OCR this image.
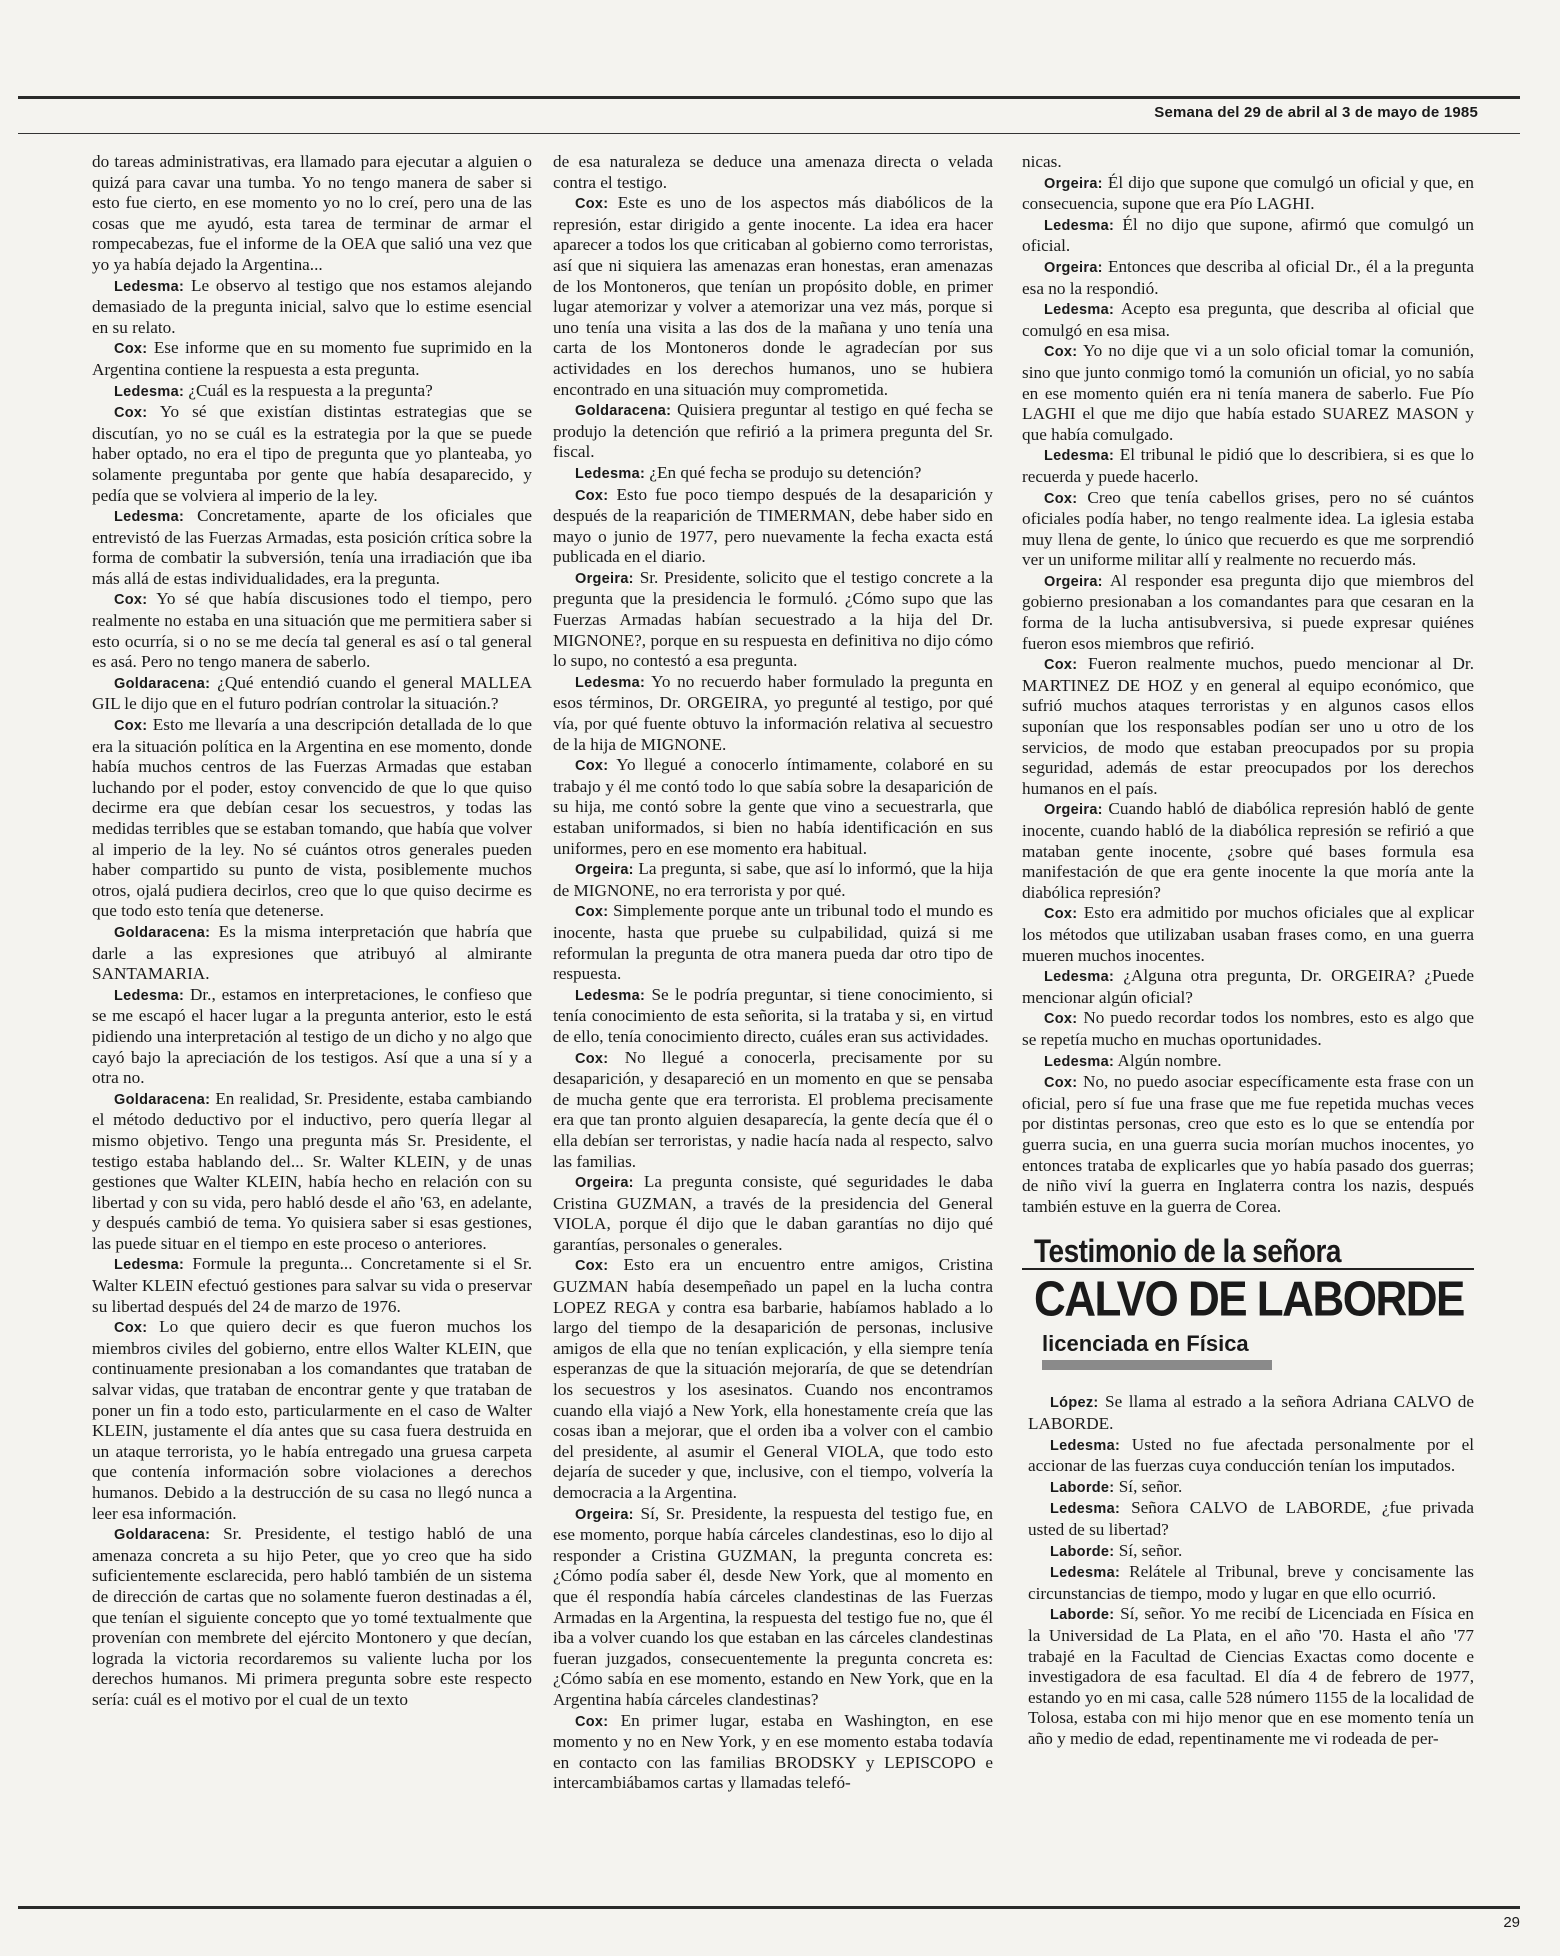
Semana del 29 de abril al 3 de mayo de 1985

do tareas administrativas, era llamado para ejecutar a alguien o quizá para cavar una tumba. Yo no tengo manera de saber si esto fue cierto, en ese momento yo no lo creí, pero una de las cosas que me ayudó, esta tarea de terminar de armar el rompecabezas, fue el informe de la OEA que salió una vez que yo ya había dejado la Argentina...

Ledesma: Le observo al testigo que nos estamos alejando demasiado de la pregunta inicial, salvo que lo estime esencial en su relato.

Cox: Ese informe que en su momento fue suprimido en la Argentina contiene la respuesta a esta pregunta.

Ledesma: ¿Cuál es la respuesta a la pregunta?

Cox: Yo sé que existían distintas estrategias que se discutían, yo no se cuál es la estrategia por la que se puede haber optado, no era el tipo de pregunta que yo planteaba, yo solamente preguntaba por gente que había desaparecido, y pedía que se volviera al imperio de la ley.

Ledesma: Concretamente, aparte de los oficiales que entrevistó de las Fuerzas Armadas, esta posición crítica sobre la forma de combatir la subversión, tenía una irradiación que iba más allá de estas individualidades, era la pregunta.

Cox: Yo sé que había discusiones todo el tiempo, pero realmente no estaba en una situación que me permitiera saber si esto ocurría, si o no se me decía tal general es así o tal general es asá. Pero no tengo manera de saberlo.

Goldaracena: ¿Qué entendió cuando el general MALLEA GIL le dijo que en el futuro podrían controlar la situación.?

Cox: Esto me llevaría a una descripción detallada de lo que era la situación política en la Argentina en ese momento, donde había muchos centros de las Fuerzas Armadas que estaban luchando por el poder, estoy convencido de que lo que quiso decirme era que debían cesar los secuestros, y todas las medidas terribles que se estaban tomando, que había que volver al imperio de la ley. No sé cuántos otros generales pueden haber compartido su punto de vista, posiblemente muchos otros, ojalá pudiera decirlos, creo que lo que quiso decirme es que todo esto tenía que detenerse.

Goldaracena: Es la misma interpretación que habría que darle a las expresiones que atribuyó al almirante SANTAMARIA.

Ledesma: Dr., estamos en interpretaciones, le confieso que se me escapó el hacer lugar a la pregunta anterior, esto le está pidiendo una interpretación al testigo de un dicho y no algo que cayó bajo la apreciación de los testigos. Así que a una sí y a otra no.

Goldaracena: En realidad, Sr. Presidente, estaba cambiando el método deductivo por el inductivo, pero quería llegar al mismo objetivo. Tengo una pregunta más Sr. Presidente, el testigo estaba hablando del... Sr. Walter KLEIN, y de unas gestiones que Walter KLEIN, había hecho en relación con su libertad y con su vida, pero habló desde el año '63, en adelante, y después cambió de tema. Yo quisiera saber si esas gestiones, las puede situar en el tiempo en este proceso o anteriores.

Ledesma: Formule la pregunta... Concretamente si el Sr. Walter KLEIN efectuó gestiones para salvar su vida o preservar su libertad después del 24 de marzo de 1976.

Cox: Lo que quiero decir es que fueron muchos los miembros civiles del gobierno, entre ellos Walter KLEIN, que continuamente presionaban a los comandantes que trataban de salvar vidas, que trataban de encontrar gente y que trataban de poner un fin a todo esto, particularmente en el caso de Walter KLEIN, justamente el día antes que su casa fuera destruida en un ataque terrorista, yo le había entregado una gruesa carpeta que contenía información sobre violaciones a derechos humanos. Debido a la destrucción de su casa no llegó nunca a leer esa información.

Goldaracena: Sr. Presidente, el testigo habló de una amenaza concreta a su hijo Peter, que yo creo que ha sido suficientemente esclarecida, pero habló también de un sistema de dirección de cartas que no solamente fueron destinadas a él, que tenían el siguiente concepto que yo tomé textualmente que provenían con membrete del ejército Montonero y que decían, lograda la victoria recordaremos su valiente lucha por los derechos humanos. Mi primera pregunta sobre este respecto sería: cuál es el motivo por el cual de un texto

de esa naturaleza se deduce una amenaza directa o velada contra el testigo.

Cox: Este es uno de los aspectos más diabólicos de la represión, estar dirigido a gente inocente. La idea era hacer aparecer a todos los que criticaban al gobierno como terroristas, así que ni siquiera las amenazas eran honestas, eran amenazas de los Montoneros, que tenían un propósito doble, en primer lugar atemorizar y volver a atemorizar una vez más, porque si uno tenía una visita a las dos de la mañana y uno tenía una carta de los Montoneros donde le agradecían por sus actividades en los derechos humanos, uno se hubiera encontrado en una situación muy comprometida.

Goldaracena: Quisiera preguntar al testigo en qué fecha se produjo la detención que refirió a la primera pregunta del Sr. fiscal.

Ledesma: ¿En qué fecha se produjo su detención?

Cox: Esto fue poco tiempo después de la desaparición y después de la reaparición de TIMERMAN, debe haber sido en mayo o junio de 1977, pero nuevamente la fecha exacta está publicada en el diario.

Orgeira: Sr. Presidente, solicito que el testigo concrete a la pregunta que la presidencia le formuló. ¿Cómo supo que las Fuerzas Armadas habían secuestrado a la hija del Dr. MIGNONE?, porque en su respuesta en definitiva no dijo cómo lo supo, no contestó a esa pregunta.

Ledesma: Yo no recuerdo haber formulado la pregunta en esos términos, Dr. ORGEIRA, yo pregunté al testigo, por qué vía, por qué fuente obtuvo la información relativa al secuestro de la hija de MIGNONE.

Cox: Yo llegué a conocerlo íntimamente, colaboré en su trabajo y él me contó todo lo que sabía sobre la desaparición de su hija, me contó sobre la gente que vino a secuestrarla, que estaban uniformados, si bien no había identificación en sus uniformes, pero en ese momento era habitual.

Orgeira: La pregunta, si sabe, que así lo informó, que la hija de MIGNONE, no era terrorista y por qué.

Cox: Simplemente porque ante un tribunal todo el mundo es inocente, hasta que pruebe su culpabilidad, quizá si me reformulan la pregunta de otra manera pueda dar otro tipo de respuesta.

Ledesma: Se le podría preguntar, si tiene conocimiento, si tenía conocimiento de esta señorita, si la trataba y si, en virtud de ello, tenía conocimiento directo, cuáles eran sus actividades.

Cox: No llegué a conocerla, precisamente por su desaparición, y desapareció en un momento en que se pensaba de mucha gente que era terrorista. El problema precisamente era que tan pronto alguien desaparecía, la gente decía que él o ella debían ser terroristas, y nadie hacía nada al respecto, salvo las familias.

Orgeira: La pregunta consiste, qué seguridades le daba Cristina GUZMAN, a través de la presidencia del General VIOLA, porque él dijo que le daban garantías no dijo qué garantías, personales o generales.

Cox: Esto era un encuentro entre amigos, Cristina GUZMAN había desempeñado un papel en la lucha contra LOPEZ REGA y contra esa barbarie, habíamos hablado a lo largo del tiempo de la desaparición de personas, inclusive amigos de ella que no tenían explicación, y ella siempre tenía esperanzas de que la situación mejoraría, de que se detendrían los secuestros y los asesinatos. Cuando nos encontramos cuando ella viajó a New York, ella honestamente creía que las cosas iban a mejorar, que el orden iba a volver con el cambio del presidente, al asumir el General VIOLA, que todo esto dejaría de suceder y que, inclusive, con el tiempo, volvería la democracia a la Argentina.

Orgeira: Sí, Sr. Presidente, la respuesta del testigo fue, en ese momento, porque había cárceles clandestinas, eso lo dijo al responder a Cristina GUZMAN, la pregunta concreta es: ¿Cómo podía saber él, desde New York, que al momento en que él respondía había cárceles clandestinas de las Fuerzas Armadas en la Argentina, la respuesta del testigo fue no, que él iba a volver cuando los que estaban en las cárceles clandestinas fueran juzgados, consecuentemente la pregunta concreta es: ¿Cómo sabía en ese momento, estando en New York, que en la Argentina había cárceles clandestinas?

Cox: En primer lugar, estaba en Washington, en ese momento y no en New York, y en ese momento estaba todavía en contacto con las familias BRODSKY y LEPISCOPO e intercambiábamos cartas y llamadas telefó-

nicas.

Orgeira: Él dijo que supone que comulgó un oficial y que, en consecuencia, supone que era Pío LAGHI.

Ledesma: Él no dijo que supone, afirmó que comulgó un oficial.

Orgeira: Entonces que describa al oficial Dr., él a la pregunta esa no la respondió.

Ledesma: Acepto esa pregunta, que describa al oficial que comulgó en esa misa.

Cox: Yo no dije que vi a un solo oficial tomar la comunión, sino que junto conmigo tomó la comunión un oficial, yo no sabía en ese momento quién era ni tenía manera de saberlo. Fue Pío LAGHI el que me dijo que había estado SUAREZ MASON y que había comulgado.

Ledesma: El tribunal le pidió que lo describiera, si es que lo recuerda y puede hacerlo.

Cox: Creo que tenía cabellos grises, pero no sé cuántos oficiales podía haber, no tengo realmente idea. La iglesia estaba muy llena de gente, lo único que recuerdo es que me sorprendió ver un uniforme militar allí y realmente no recuerdo más.

Orgeira: Al responder esa pregunta dijo que miembros del gobierno presionaban a los comandantes para que cesaran en la forma de la lucha antisubversiva, si puede expresar quiénes fueron esos miembros que refirió.

Cox: Fueron realmente muchos, puedo mencionar al Dr. MARTINEZ DE HOZ y en general al equipo económico, que sufrió muchos ataques terroristas y en algunos casos ellos suponían que los responsables podían ser uno u otro de los servicios, de modo que estaban preocupados por su propia seguridad, además de estar preocupados por los derechos humanos en el país.

Orgeira: Cuando habló de diabólica represión habló de gente inocente, cuando habló de la diabólica represión se refirió a que mataban gente inocente, ¿sobre qué bases formula esa manifestación de que era gente inocente la que moría ante la diabólica represión?

Cox: Esto era admitido por muchos oficiales que al explicar los métodos que utilizaban usaban frases como, en una guerra mueren muchos inocentes.

Ledesma: ¿Alguna otra pregunta, Dr. ORGEIRA? ¿Puede mencionar algún oficial?

Cox: No puedo recordar todos los nombres, esto es algo que se repetía mucho en muchas oportunidades.

Ledesma: Algún nombre.

Cox: No, no puedo asociar específicamente esta frase con un oficial, pero sí fue una frase que me fue repetida muchas veces por distintas personas, creo que esto es lo que se entendía por guerra sucia, en una guerra sucia morían muchos inocentes, yo entonces trataba de explicarles que yo había pasado dos guerras; de niño viví la guerra en Inglaterra contra los nazis, después también estuve en la guerra de Corea.

Testimonio de la señora
CALVO DE LABORDE
licenciada en Física

López: Se llama al estrado a la señora Adriana CALVO de LABORDE.

Ledesma: Usted no fue afectada personalmente por el accionar de las fuerzas cuya conducción tenían los imputados.

Laborde: Sí, señor.

Ledesma: Señora CALVO de LABORDE, ¿fue privada usted de su libertad?

Laborde: Sí, señor.

Ledesma: Relátele al Tribunal, breve y concisamente las circunstancias de tiempo, modo y lugar en que ello ocurrió.

Laborde: Sí, señor. Yo me recibí de Licenciada en Física en la Universidad de La Plata, en el año '70. Hasta el año '77 trabajé en la Facultad de Ciencias Exactas como docente e investigadora de esa facultad. El día 4 de febrero de 1977, estando yo en mi casa, calle 528 número 1155 de la localidad de Tolosa, estaba con mi hijo menor que en ese momento tenía un año y medio de edad, repentinamente me vi rodeada de per-

29
